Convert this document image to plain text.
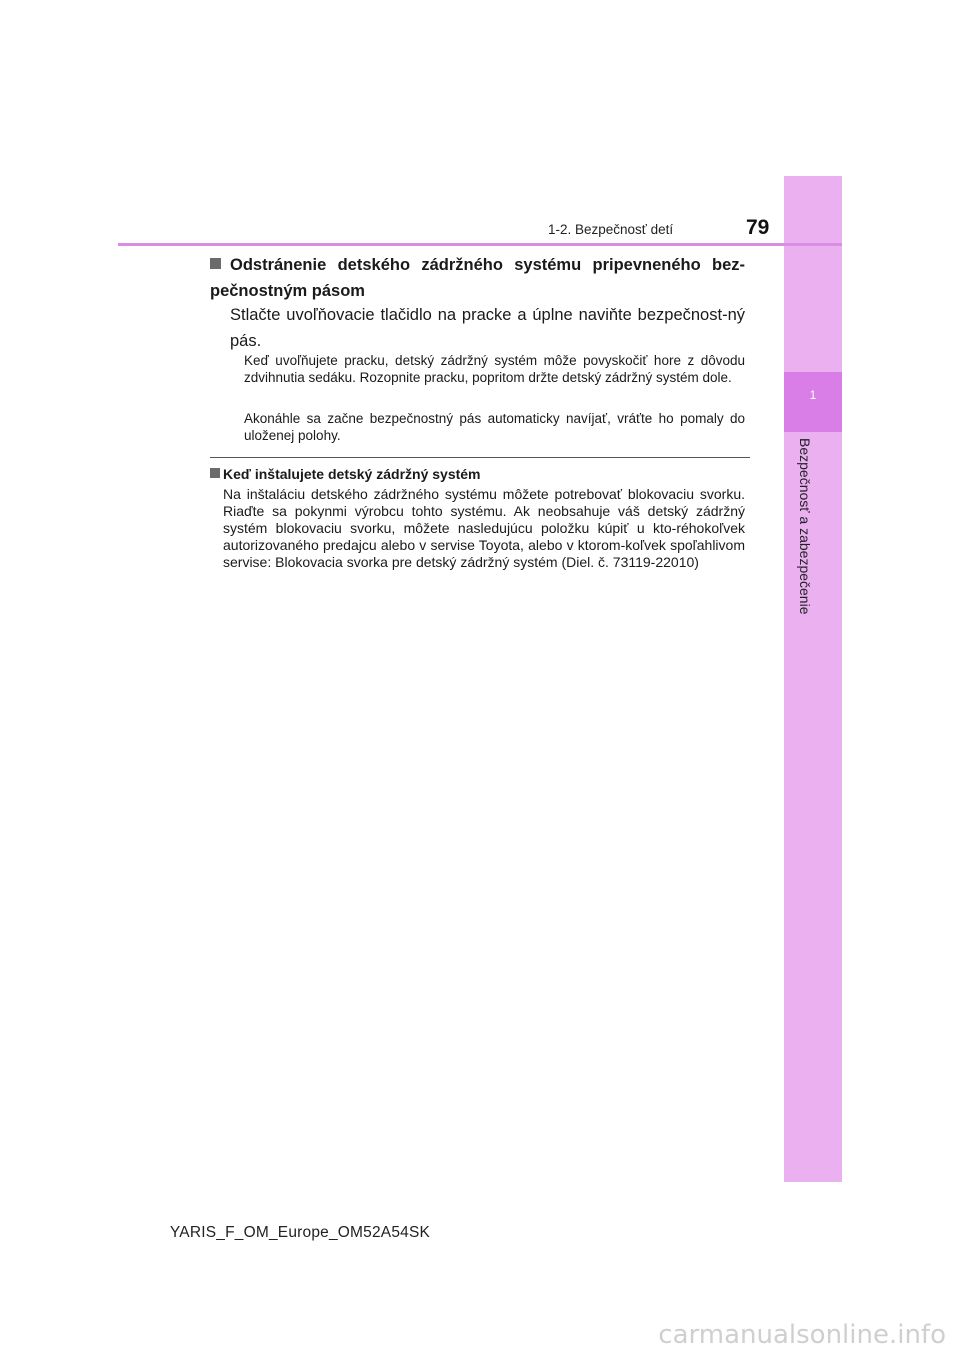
1
Bezpečnosť a zabezpečenie
1-2. Bezpečnosť detí	79
Odstránenie detského zádržného systému pripevneného bez-pečnostným pásom
Stlačte uvoľňovacie tlačidlo na pracke a úplne naviňte bezpečnost-ný pás.
Keď uvoľňujete pracku, detský zádržný systém môže povyskočiť hore z dôvodu zdvihnutia sedáku. Rozopnite pracku, popritom držte detský zádržný systém dole.
Akonáhle sa začne bezpečnostný pás automaticky navíjať, vráťte ho pomaly do uloženej polohy.
Keď inštalujete detský zádržný systém
Na inštaláciu detského zádržného systému môžete potrebovať blokovaciu svorku. Riaďte sa pokynmi výrobcu tohto systému. Ak neobsahuje váš detský zádržný systém blokovaciu svorku, môžete nasledujúcu položku kúpiť u kto-réhokoľvek autorizovaného predajcu alebo v servise Toyota, alebo v ktorom-koľvek spoľahlivom servise: Blokovacia svorka pre detský zádržný systém (Diel. č. 73119-22010)
YARIS_F_OM_Europe_OM52A54SK
carmanualsonline.info
